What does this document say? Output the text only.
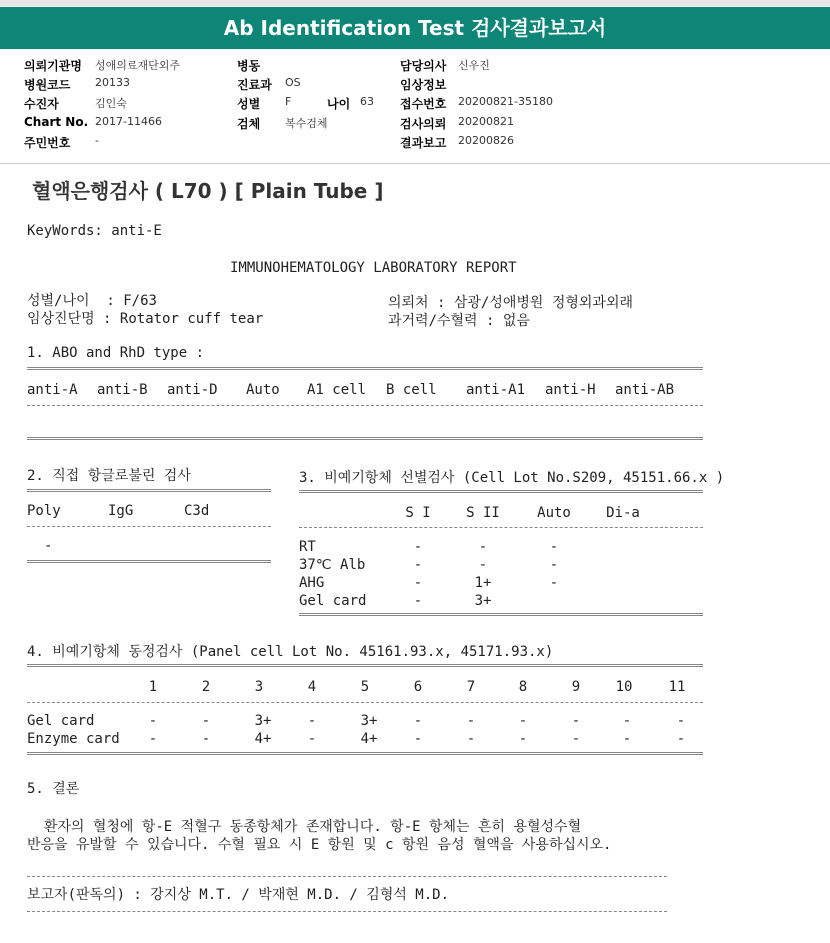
Ab Identification Test 검사결과보고서
의뢰기관명 성애의료재단외주
병원코드 20133
수진자	김인숙
Chart No. 2017-11466
주민번호 -
병동
진료과 OS
성별 F	나이 63
검체 복수검체
담당의사 신우진
임상정보
접수번호 20200821-35180
검사의뢰 20200821
결과보고 20200826
혈액은행검사 ( L70 ) [ Plain Tube ]
KeyWords: anti-E
IMMUNOHEMATOLOGY LABORATORY REPORT
성별/나이  : F/63
임상진단명 : Rotator cuff tear
의뢰처 : 삼광/성애병원 정형외과외래
과거력/수혈력 : 없음
1. ABO and RhD type :
anti-A anti-B anti-D Auto A1 cell B cell anti-A1 anti-H anti-AB
2. 직접 항글로불린 검사
Poly	IgG	C3d
-
3. 비예기항체 선별검사 (Cell Lot No.S209, 45151.66.x )
S I	S II	Auto	Di-a
RT	-	-	-
37℃ Alb	-	-	-
AHG	-	1+	-
Gel card	-	3+
4. 비예기항체 동정검사 (Panel cell Lot No. 45161.93.x, 45171.93.x)
1	2	3	4	5	6	7	8	9	10	11
Gel card	-	-	3+	-	3+	-	-	-	-	-	-
Enzyme card	-	-	4+	-	4+	-	-	-	-	-	-
5. 결론
환자의 혈청에 항-E 적혈구 동종항체가 존재합니다. 항-E 항체는 흔히 용혈성수혈
반응을 유발할 수 있습니다. 수혈 필요 시 E 항원 및 c 항원 음성 혈액을 사용하십시오.
보고자(판독의) : 강지상 M.T. / 박재현 M.D. / 김형석 M.D.
